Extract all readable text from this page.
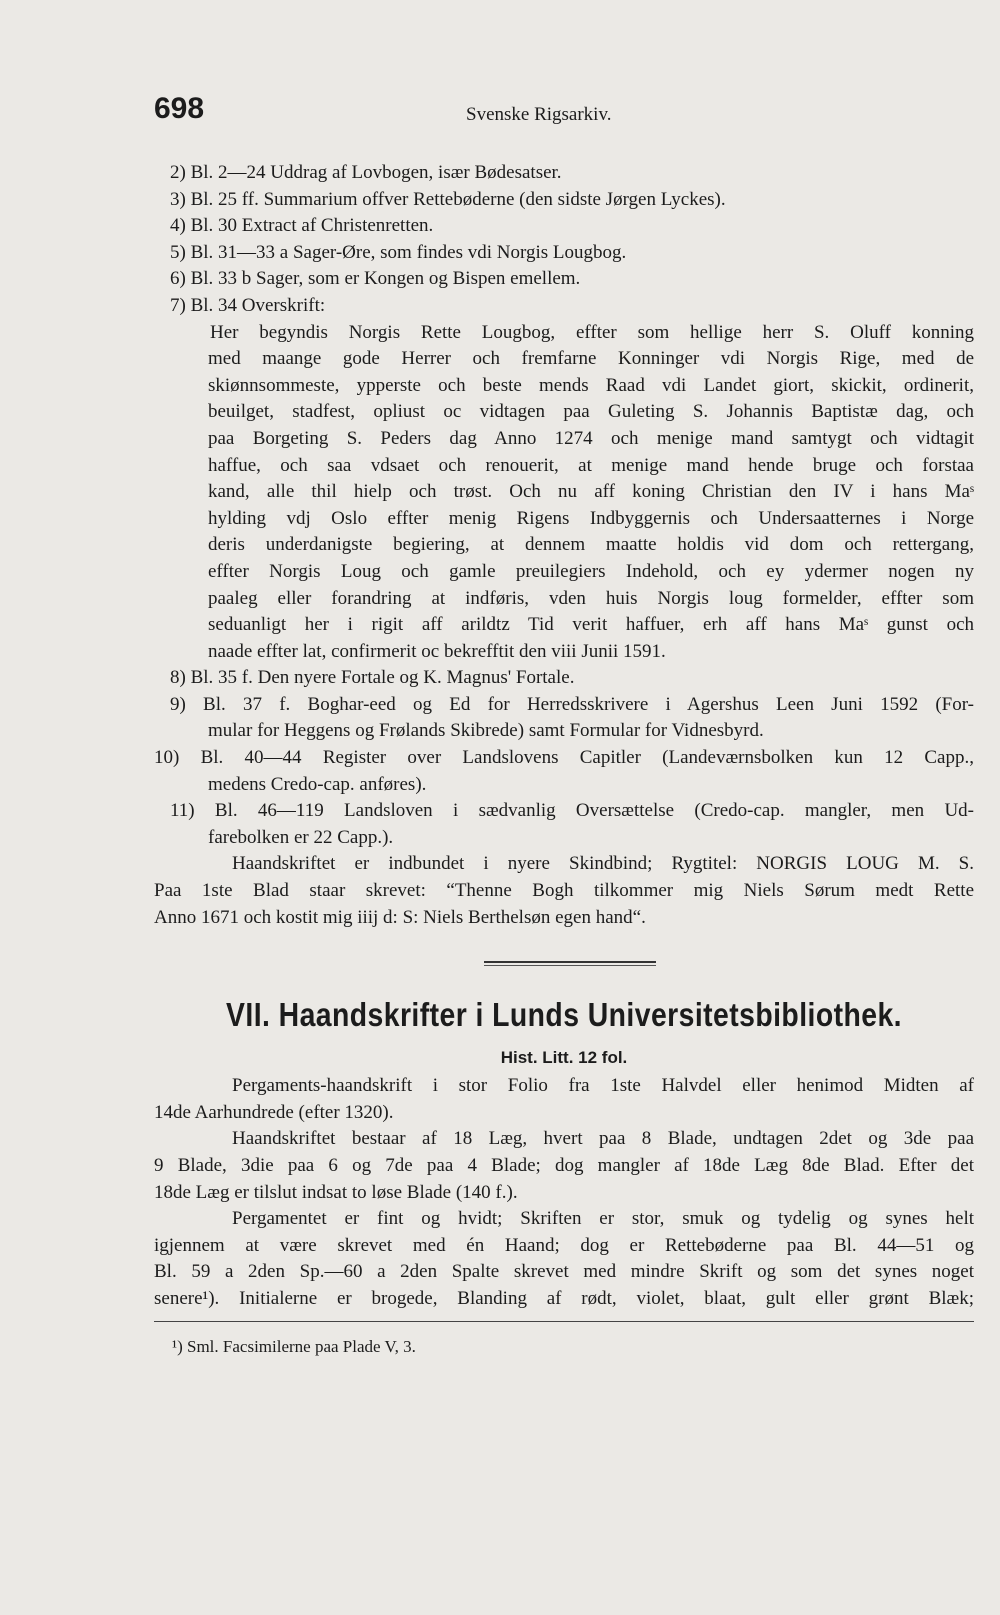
698	Svenske Rigsarkiv.
2) Bl. 2—24 Uddrag af Lovbogen, især Bødesatser.
3) Bl. 25 ff. Summarium offver Rettebøderne (den sidste Jørgen Lyckes).
4) Bl. 30 Extract af Christenretten.
5) Bl. 31—33 a Sager-Øre, som findes vdi Norgis Lougbog.
6) Bl. 33 b Sager, som er Kongen og Bispen emellem.
7) Bl. 34 Overskrift:
Her begyndis Norgis Rette Lougbog, effter som hellige herr S. Oluff konning
med maange gode Herrer och fremfarne Konninger vdi Norgis Rige, med de
skiønnsommeste, ypperste och beste mends Raad vdi Landet giort, skickit, ordinerit,
beuilget, stadfest, opliust oc vidtagen paa Guleting S. Johannis Baptistæ dag, och
paa Borgeting S. Peders dag Anno 1274 och menige mand samtygt och vidtagit
haffue, och saa vdsaet och renouerit, at menige mand hende bruge och forstaa
kand, alle thil hielp och trøst. Och nu aff koning Christian den IV i hans Maˢ
hylding vdj Oslo effter menig Rigens Indbyggernis och Undersaatternes i Norge
deris underdanigste begiering, at dennem maatte holdis vid dom och rettergang,
effter Norgis Loug och gamle preuilegiers Indehold, och ey ydermer nogen ny
paaleg eller forandring at indføris, vden huis Norgis loug formelder, effter som
seduanligt her i rigit aff arildtz Tid verit haffuer, erh aff hans Maˢ gunst och
naade effter lat, confirmerit oc bekrefftit den viii Junii 1591.
8) Bl. 35 f. Den nyere Fortale og K. Magnus' Fortale.
9) Bl. 37 f. Boghar-eed og Ed for Herredsskrivere i Agershus Leen Juni 1592 (For-
mular for Heggens og Frølands Skibrede) samt Formular for Vidnesbyrd.
10) Bl. 40—44 Register over Landslovens Capitler (Landeværnsbolken kun 12 Capp.,
medens Credo-cap. anføres).
11) Bl. 46—119 Landsloven i sædvanlig Oversættelse (Credo-cap. mangler, men Ud-
farebolken er 22 Capp.).
Haandskriftet er indbundet i nyere Skindbind; Rygtitel: NORGIS LOUG M. S.
Paa 1ste Blad staar skrevet: “Thenne Bogh tilkommer mig Niels Sørum medt Rette
Anno 1671 och kostit mig iiij d: S: Niels Berthelsøn egen hand“.
VII. Haandskrifter i Lunds Universitetsbibliothek.
Hist. Litt. 12 fol.
Pergaments-haandskrift i stor Folio fra 1ste Halvdel eller henimod Midten af
14de Aarhundrede (efter 1320).
Haandskriftet bestaar af 18 Læg, hvert paa 8 Blade, undtagen 2det og 3de paa
9 Blade, 3die paa 6 og 7de paa 4 Blade; dog mangler af 18de Læg 8de Blad. Efter det
18de Læg er tilslut indsat to løse Blade (140 f.).
Pergamentet er fint og hvidt; Skriften er stor, smuk og tydelig og synes helt
igjennem at være skrevet med én Haand; dog er Rettebøderne paa Bl. 44—51 og
Bl. 59 a 2den Sp.—60 a 2den Spalte skrevet med mindre Skrift og som det synes noget
senere¹). Initialerne er brogede, Blanding af rødt, violet, blaat, gult eller grønt Blæk;
¹) Sml. Facsimilerne paa Plade V, 3.
